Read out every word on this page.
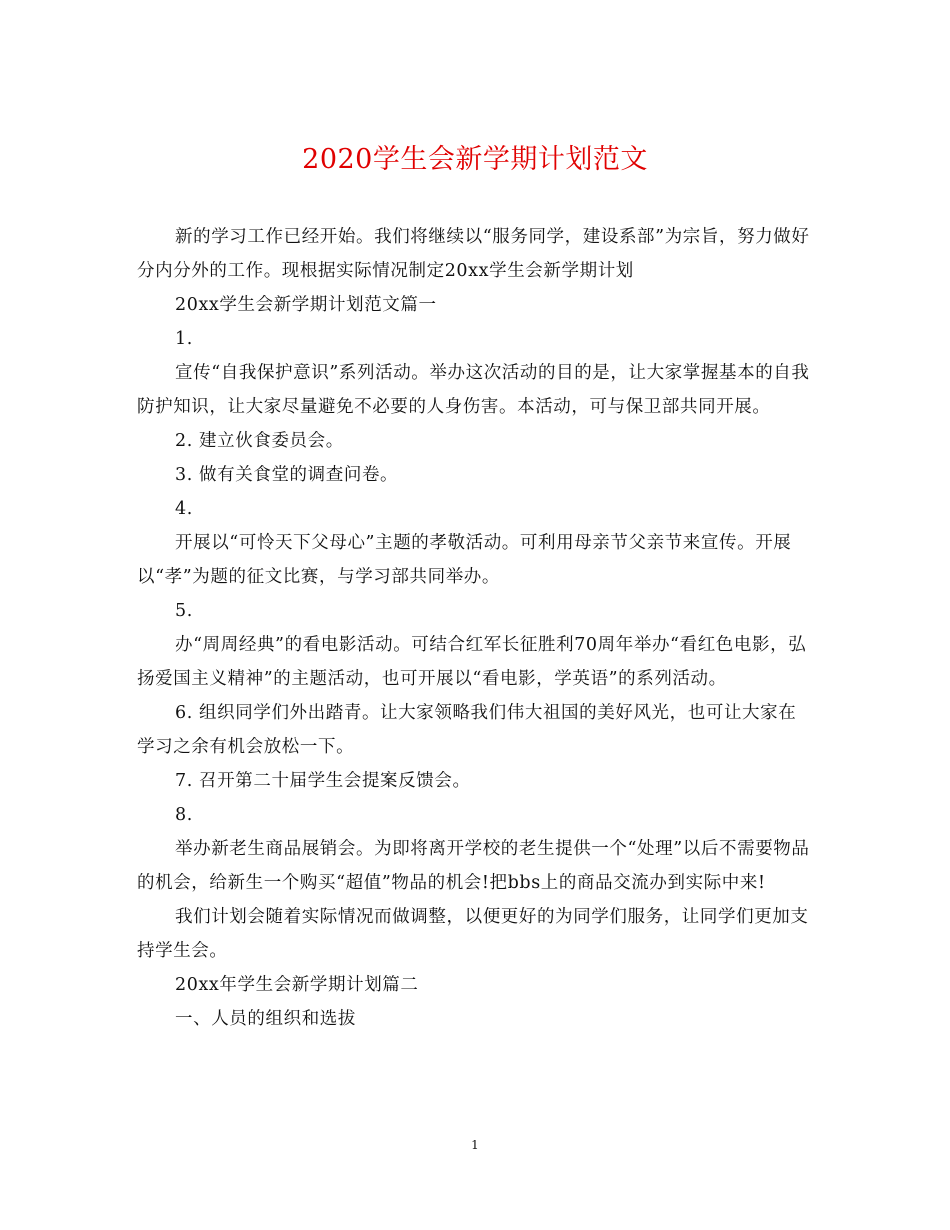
2020学生会新学期计划范文

新的学习工作已经开始。我们将继续以“服务同学，建设系部”为宗旨，努力做好分内分外的工作。现根据实际情况制定20xx学生会新学期计划

20xx学生会新学期计划范文篇一

1.

宣传“自我保护意识”系列活动。举办这次活动的目的是，让大家掌握基本的自我防护知识，让大家尽量避免不必要的人身伤害。本活动，可与保卫部共同开展。

2. 建立伙食委员会。

3. 做有关食堂的调查问卷。

4.

开展以“可怜天下父母心”主题的孝敬活动。可利用母亲节父亲节来宣传。开展以“孝”为题的征文比赛，与学习部共同举办。

5.

办“周周经典”的看电影活动。可结合红军长征胜利70周年举办“看红色电影，弘扬爱国主义精神”的主题活动，也可开展以“看电影，学英语”的系列活动。

6. 组织同学们外出踏青。让大家领略我们伟大祖国的美好风光，也可让大家在学习之余有机会放松一下。

7. 召开第二十届学生会提案反馈会。

8.

举办新老生商品展销会。为即将离开学校的老生提供一个“处理”以后不需要物品的机会，给新生一个购买“超值”物品的机会!把bbs上的商品交流办到实际中来!

我们计划会随着实际情况而做调整，以便更好的为同学们服务，让同学们更加支持学生会。

20xx年学生会新学期计划篇二

一、人员的组织和选拔

1
